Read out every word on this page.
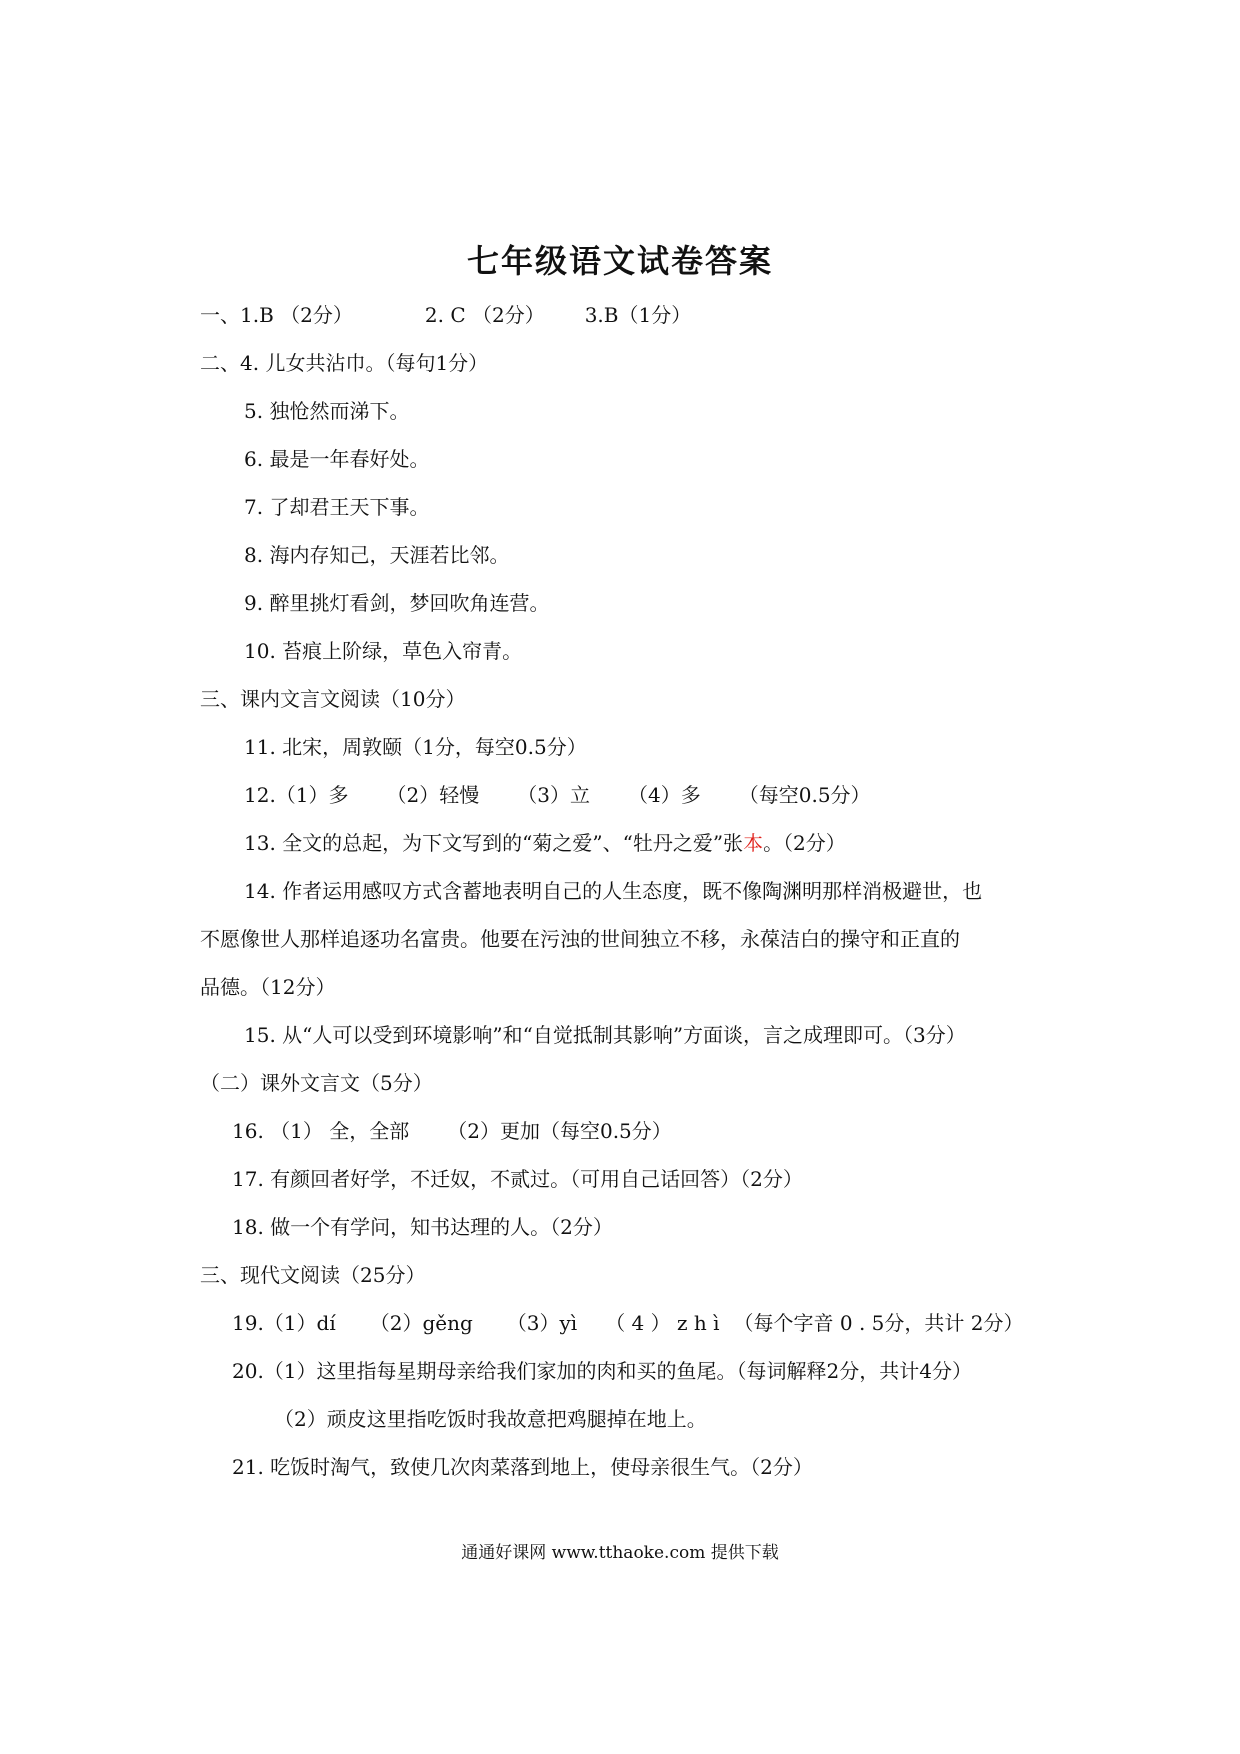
七年级语文试卷答案
一、1.B （2分）	2. C （2分） 3.B（1分）
二、4. 儿女共沾巾。（每句1分）
5. 独怆然而涕下。
6. 最是一年春好处。
7. 了却君王天下事。
8. 海内存知己，天涯若比邻。
9. 醉里挑灯看剑，梦回吹角连营。
10. 苔痕上阶绿，草色入帘青。
三、课内文言文阅读（10分）
11. 北宋，周敦颐（1分，每空0.5分）
12.（1）多 （2）轻慢 （3）立 （4）多 （每空0.5分）
13. 全文的总起，为下文写到的“菊之爱”、“牡丹之爱”张本。（2分）
14. 作者运用感叹方式含蓄地表明自己的人生态度，既不像陶渊明那样消极避世，也
不愿像世人那样追逐功名富贵。他要在污浊的世间独立不移，永葆洁白的操守和正直的
品德。（12分）
15. 从“人可以受到环境影响”和“自觉抵制其影响”方面谈，言之成理即可。（3分）
（二）课外文言文（5分）
16. （1） 全，全部 （2）更加（每空0.5分）
17. 有颜回者好学，不迁奴，不贰过。（可用自己话回答）（2分）
18. 做一个有学问，知书达理的人。（2分）
三、现代文阅读（25分）
19.（1）dí （2）gěng （3）yì （ 4 ） z h ì （每个字音 0 . 5分，共计 2分）
20.（1）这里指每星期母亲给我们家加的肉和买的鱼尾。（每词解释2分，共计4分）
（2）顽皮这里指吃饭时我故意把鸡腿掉在地上。
21. 吃饭时淘气，致使几次肉菜落到地上，使母亲很生气。（2分）
通通好课网 www.tthaoke.com 提供下载
